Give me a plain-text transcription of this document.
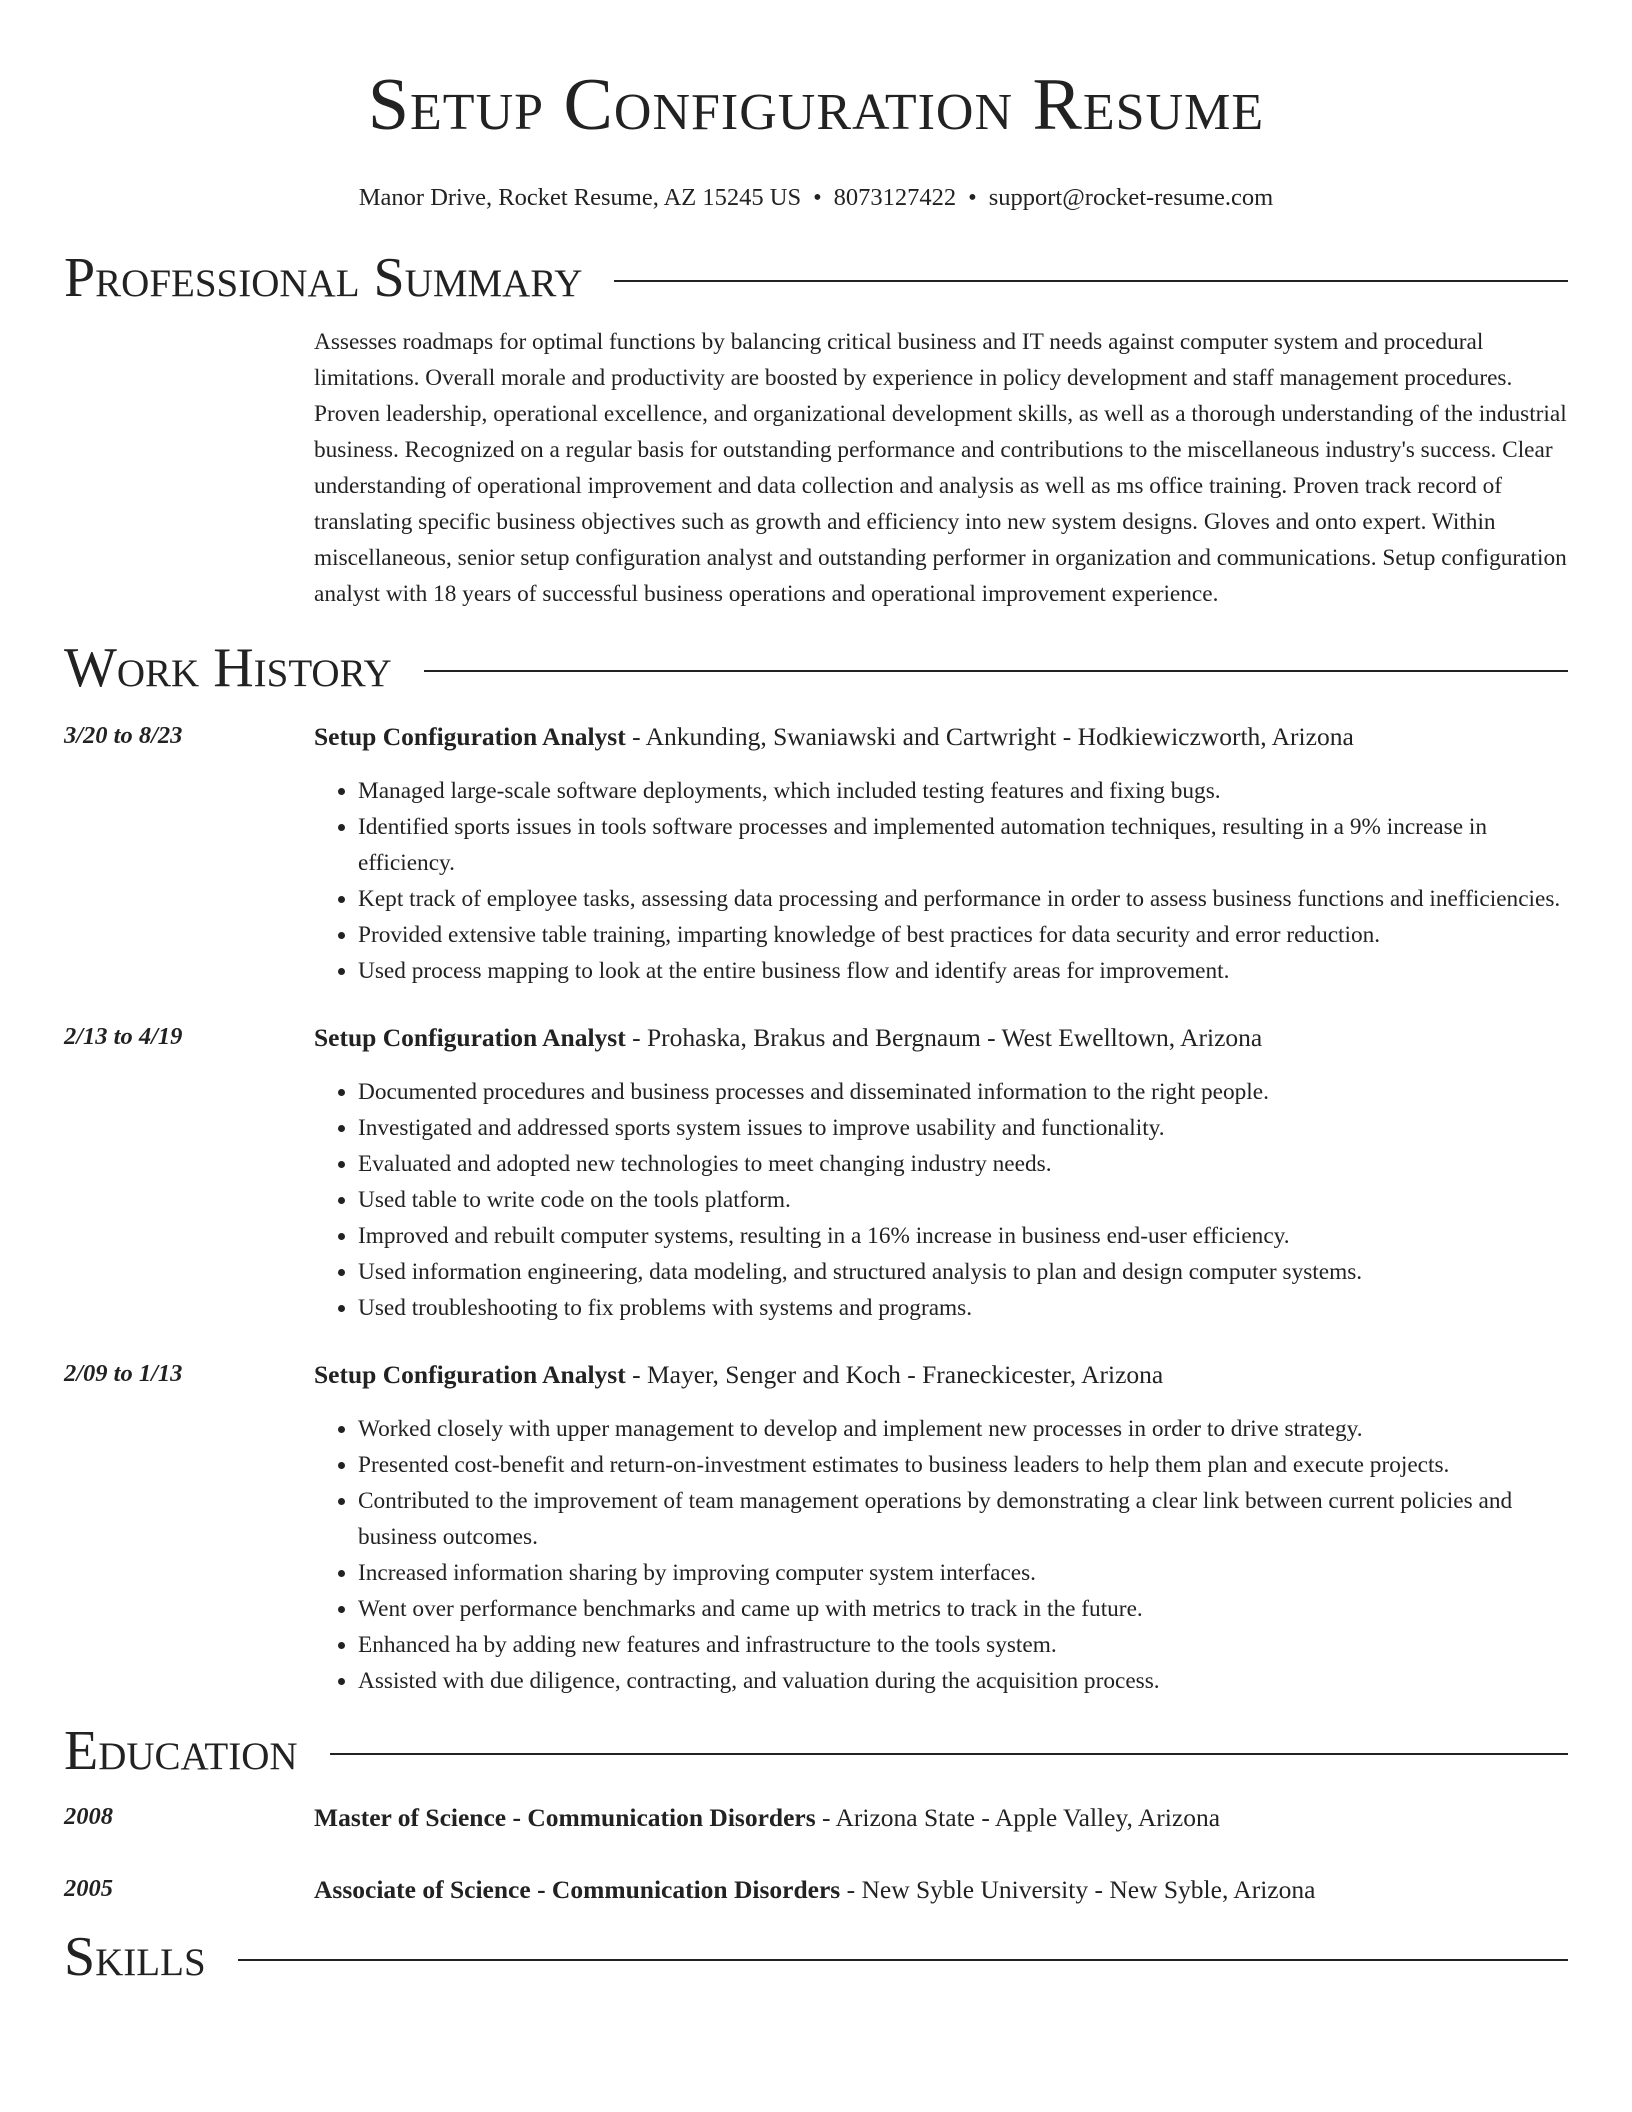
Setup Configuration Resume
Manor Drive, Rocket Resume, AZ 15245 US • 8073127422 • support@rocket-resume.com
Professional Summary
Assesses roadmaps for optimal functions by balancing critical business and IT needs against computer system and procedural limitations. Overall morale and productivity are boosted by experience in policy development and staff management procedures. Proven leadership, operational excellence, and organizational development skills, as well as a thorough understanding of the industrial business. Recognized on a regular basis for outstanding performance and contributions to the miscellaneous industry's success. Clear understanding of operational improvement and data collection and analysis as well as ms office training. Proven track record of translating specific business objectives such as growth and efficiency into new system designs. Gloves and onto expert. Within miscellaneous, senior setup configuration analyst and outstanding performer in organization and communications. Setup configuration analyst with 18 years of successful business operations and operational improvement experience.
Work History
3/20 to 8/23	Setup Configuration Analyst - Ankunding, Swaniawski and Cartwright - Hodkiewiczworth, Arizona
• Managed large-scale software deployments, which included testing features and fixing bugs.
• Identified sports issues in tools software processes and implemented automation techniques, resulting in a 9% increase in efficiency.
• Kept track of employee tasks, assessing data processing and performance in order to assess business functions and inefficiencies.
• Provided extensive table training, imparting knowledge of best practices for data security and error reduction.
• Used process mapping to look at the entire business flow and identify areas for improvement.
2/13 to 4/19	Setup Configuration Analyst - Prohaska, Brakus and Bergnaum - West Ewelltown, Arizona
• Documented procedures and business processes and disseminated information to the right people.
• Investigated and addressed sports system issues to improve usability and functionality.
• Evaluated and adopted new technologies to meet changing industry needs.
• Used table to write code on the tools platform.
• Improved and rebuilt computer systems, resulting in a 16% increase in business end-user efficiency.
• Used information engineering, data modeling, and structured analysis to plan and design computer systems.
• Used troubleshooting to fix problems with systems and programs.
2/09 to 1/13	Setup Configuration Analyst - Mayer, Senger and Koch - Franeckicester, Arizona
• Worked closely with upper management to develop and implement new processes in order to drive strategy.
• Presented cost-benefit and return-on-investment estimates to business leaders to help them plan and execute projects.
• Contributed to the improvement of team management operations by demonstrating a clear link between current policies and business outcomes.
• Increased information sharing by improving computer system interfaces.
• Went over performance benchmarks and came up with metrics to track in the future.
• Enhanced ha by adding new features and infrastructure to the tools system.
• Assisted with due diligence, contracting, and valuation during the acquisition process.
Education
2008	Master of Science - Communication Disorders - Arizona State - Apple Valley, Arizona
2005	Associate of Science - Communication Disorders - New Syble University - New Syble, Arizona
Skills
